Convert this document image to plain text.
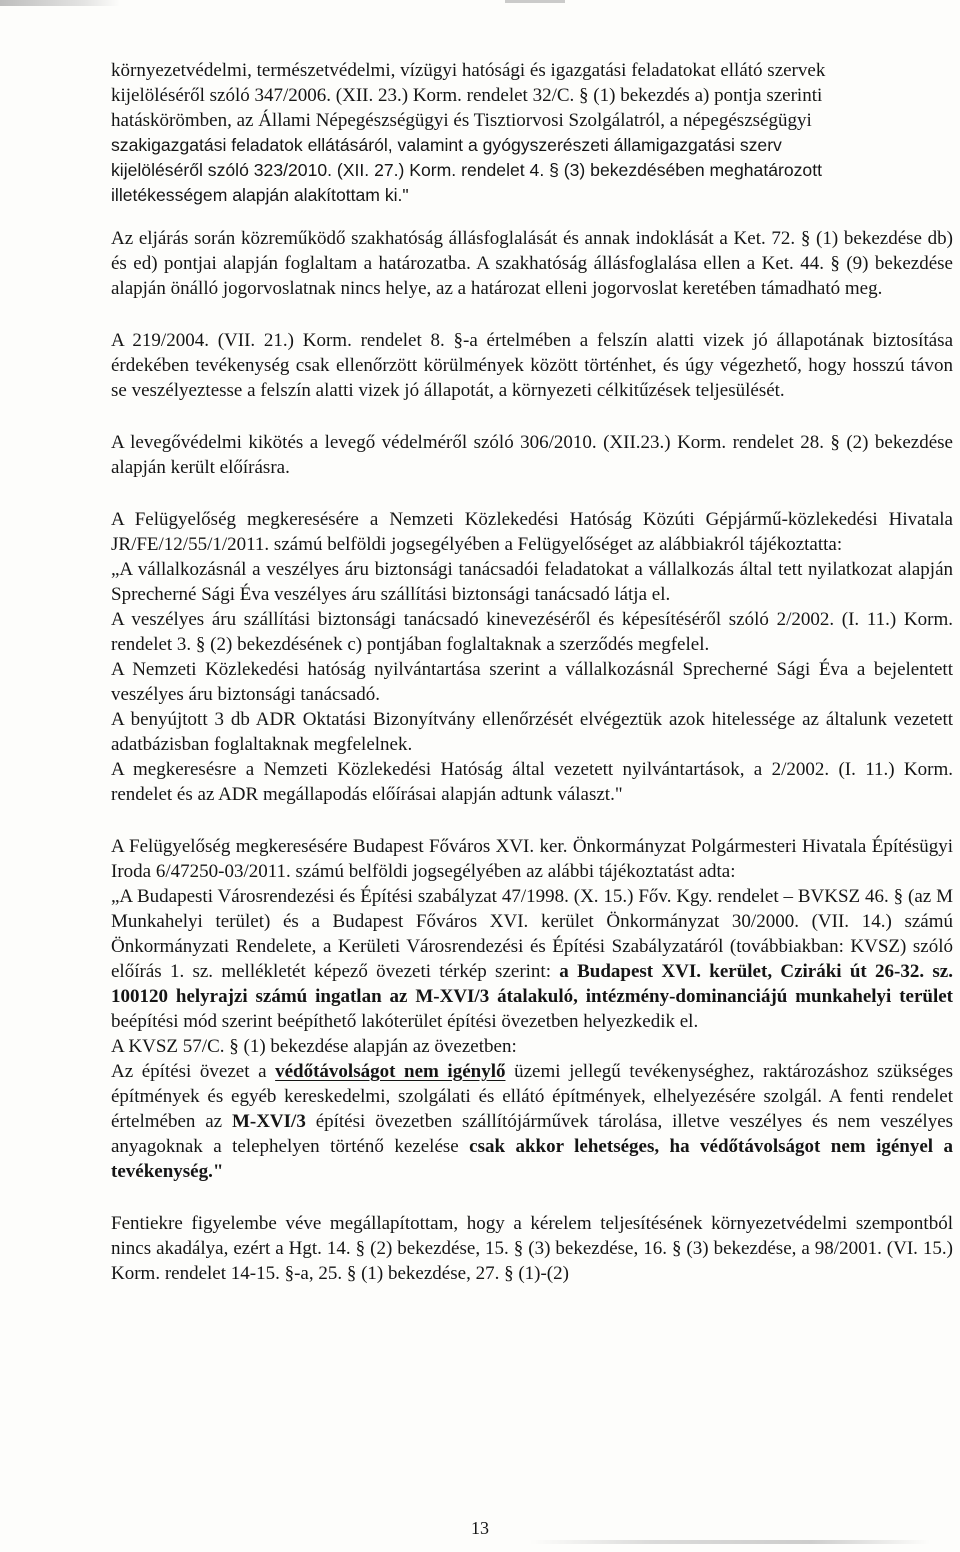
környezetvédelmi, természetvédelmi, vízügyi hatósági és igazgatási feladatokat ellátó szervek

kijelöléséről szóló 347/2006. (XII. 23.) Korm. rendelet 32/C. § (1) bekezdés a) pontja szerinti

hatáskörömben, az Állami Népegészségügyi és Tisztiorvosi Szolgálatról, a népegészségügyi

szakigazgatási feladatok ellátásáról, valamint a gyógyszerészeti államigazgatási szerv

kijelöléséről szóló 323/2010. (XII. 27.) Korm. rendelet 4. § (3) bekezdésében meghatározott

illetékességem alapján alakítottam ki."

Az eljárás során közreműködő szakhatóság állásfoglalását és annak indoklását a Ket. 72. § (1) bekezdése db) és ed) pontjai alapján foglaltam a határozatba. A szakhatóság állásfoglalása ellen a Ket. 44. § (9) bekezdése alapján önálló jogorvoslatnak nincs helye, az a határozat elleni jogorvoslat keretében támadható meg.

A 219/2004. (VII. 21.) Korm. rendelet 8. §-a értelmében a felszín alatti vizek jó állapotának biztosítása érdekében tevékenység csak ellenőrzött körülmények között történhet, és úgy végezhető, hogy hosszú távon se veszélyeztesse a felszín alatti vizek jó állapotát, a környezeti célkitűzések teljesülését.

A levegővédelmi kikötés a levegő védelméről szóló 306/2010. (XII.23.) Korm. rendelet 28. § (2) bekezdése alapján került előírásra.

A Felügyelőség megkeresésére a Nemzeti Közlekedési Hatóság Közúti Gépjármű-közlekedési Hivatala JR/FE/12/55/1/2011. számú belföldi jogsegélyében a Felügyelőséget az alábbiakról tájékoztatta:

„A vállalkozásnál a veszélyes áru biztonsági tanácsadói feladatokat a vállalkozás által tett nyilatkozat alapján Sprecherné Sági Éva veszélyes áru szállítási biztonsági tanácsadó látja el.

A veszélyes áru szállítási biztonsági tanácsadó kinevezéséről és képesítéséről szóló 2/2002. (I. 11.) Korm. rendelet 3. § (2) bekezdésének c) pontjában foglaltaknak a szerződés megfelel.

A Nemzeti Közlekedési hatóság nyilvántartása szerint a vállalkozásnál Sprecherné Sági Éva a bejelentett veszélyes áru biztonsági tanácsadó.

A benyújtott 3 db ADR Oktatási Bizonyítvány ellenőrzését elvégeztük azok hitelessége az általunk vezetett adatbázisban foglaltaknak megfelelnek.

A megkeresésre a Nemzeti Közlekedési Hatóság által vezetett nyilvántartások, a 2/2002. (I. 11.) Korm. rendelet és az ADR megállapodás előírásai alapján adtunk választ."

A Felügyelőség megkeresésére Budapest Főváros XVI. ker. Önkormányzat Polgármesteri Hivatala Építésügyi Iroda 6/47250-03/2011. számú belföldi jogsegélyében az alábbi tájékoztatást adta:

„A Budapesti Városrendezési és Építési szabályzat 47/1998. (X. 15.) Főv. Kgy. rendelet – BVKSZ 46. § (az M Munkahelyi terület) és a Budapest Főváros XVI. kerület Önkormányzat 30/2000. (VII. 14.) számú Önkormányzati Rendelete, a Kerületi Városrendezési és Építési Szabályzatáról (továbbiakban: KVSZ) szóló előírás 1. sz. mellékletét képező övezeti térkép szerint: a Budapest XVI. kerület, Cziráki út 26-32. sz. 100120 helyrajzi számú ingatlan az M-XVI/3 átalakuló, intézmény-dominanciájú munkahelyi terület beépítési mód szerint beépíthető lakóterület építési övezetben helyezkedik el.

A KVSZ 57/C. § (1) bekezdése alapján az övezetben:

Az építési övezet a védőtávolságot nem igénylő üzemi jellegű tevékenységhez, raktározáshoz szükséges építmények és egyéb kereskedelmi, szolgálati és ellátó építmények, elhelyezésére szolgál. A fenti rendelet értelmében az M-XVI/3 építési övezetben szállítójárművek tárolása, illetve veszélyes és nem veszélyes anyagoknak a telephelyen történő kezelése csak akkor lehetséges, ha védőtávolságot nem igényel a tevékenység."

Fentiekre figyelembe véve megállapítottam, hogy a kérelem teljesítésének környezetvédelmi szempontból nincs akadálya, ezért a Hgt. 14. § (2) bekezdése, 15. § (3) bekezdése, 16. § (3) bekezdése, a 98/2001. (VI. 15.) Korm. rendelet 14-15. §-a, 25. § (1) bekezdése, 27. § (1)-(2)

13
